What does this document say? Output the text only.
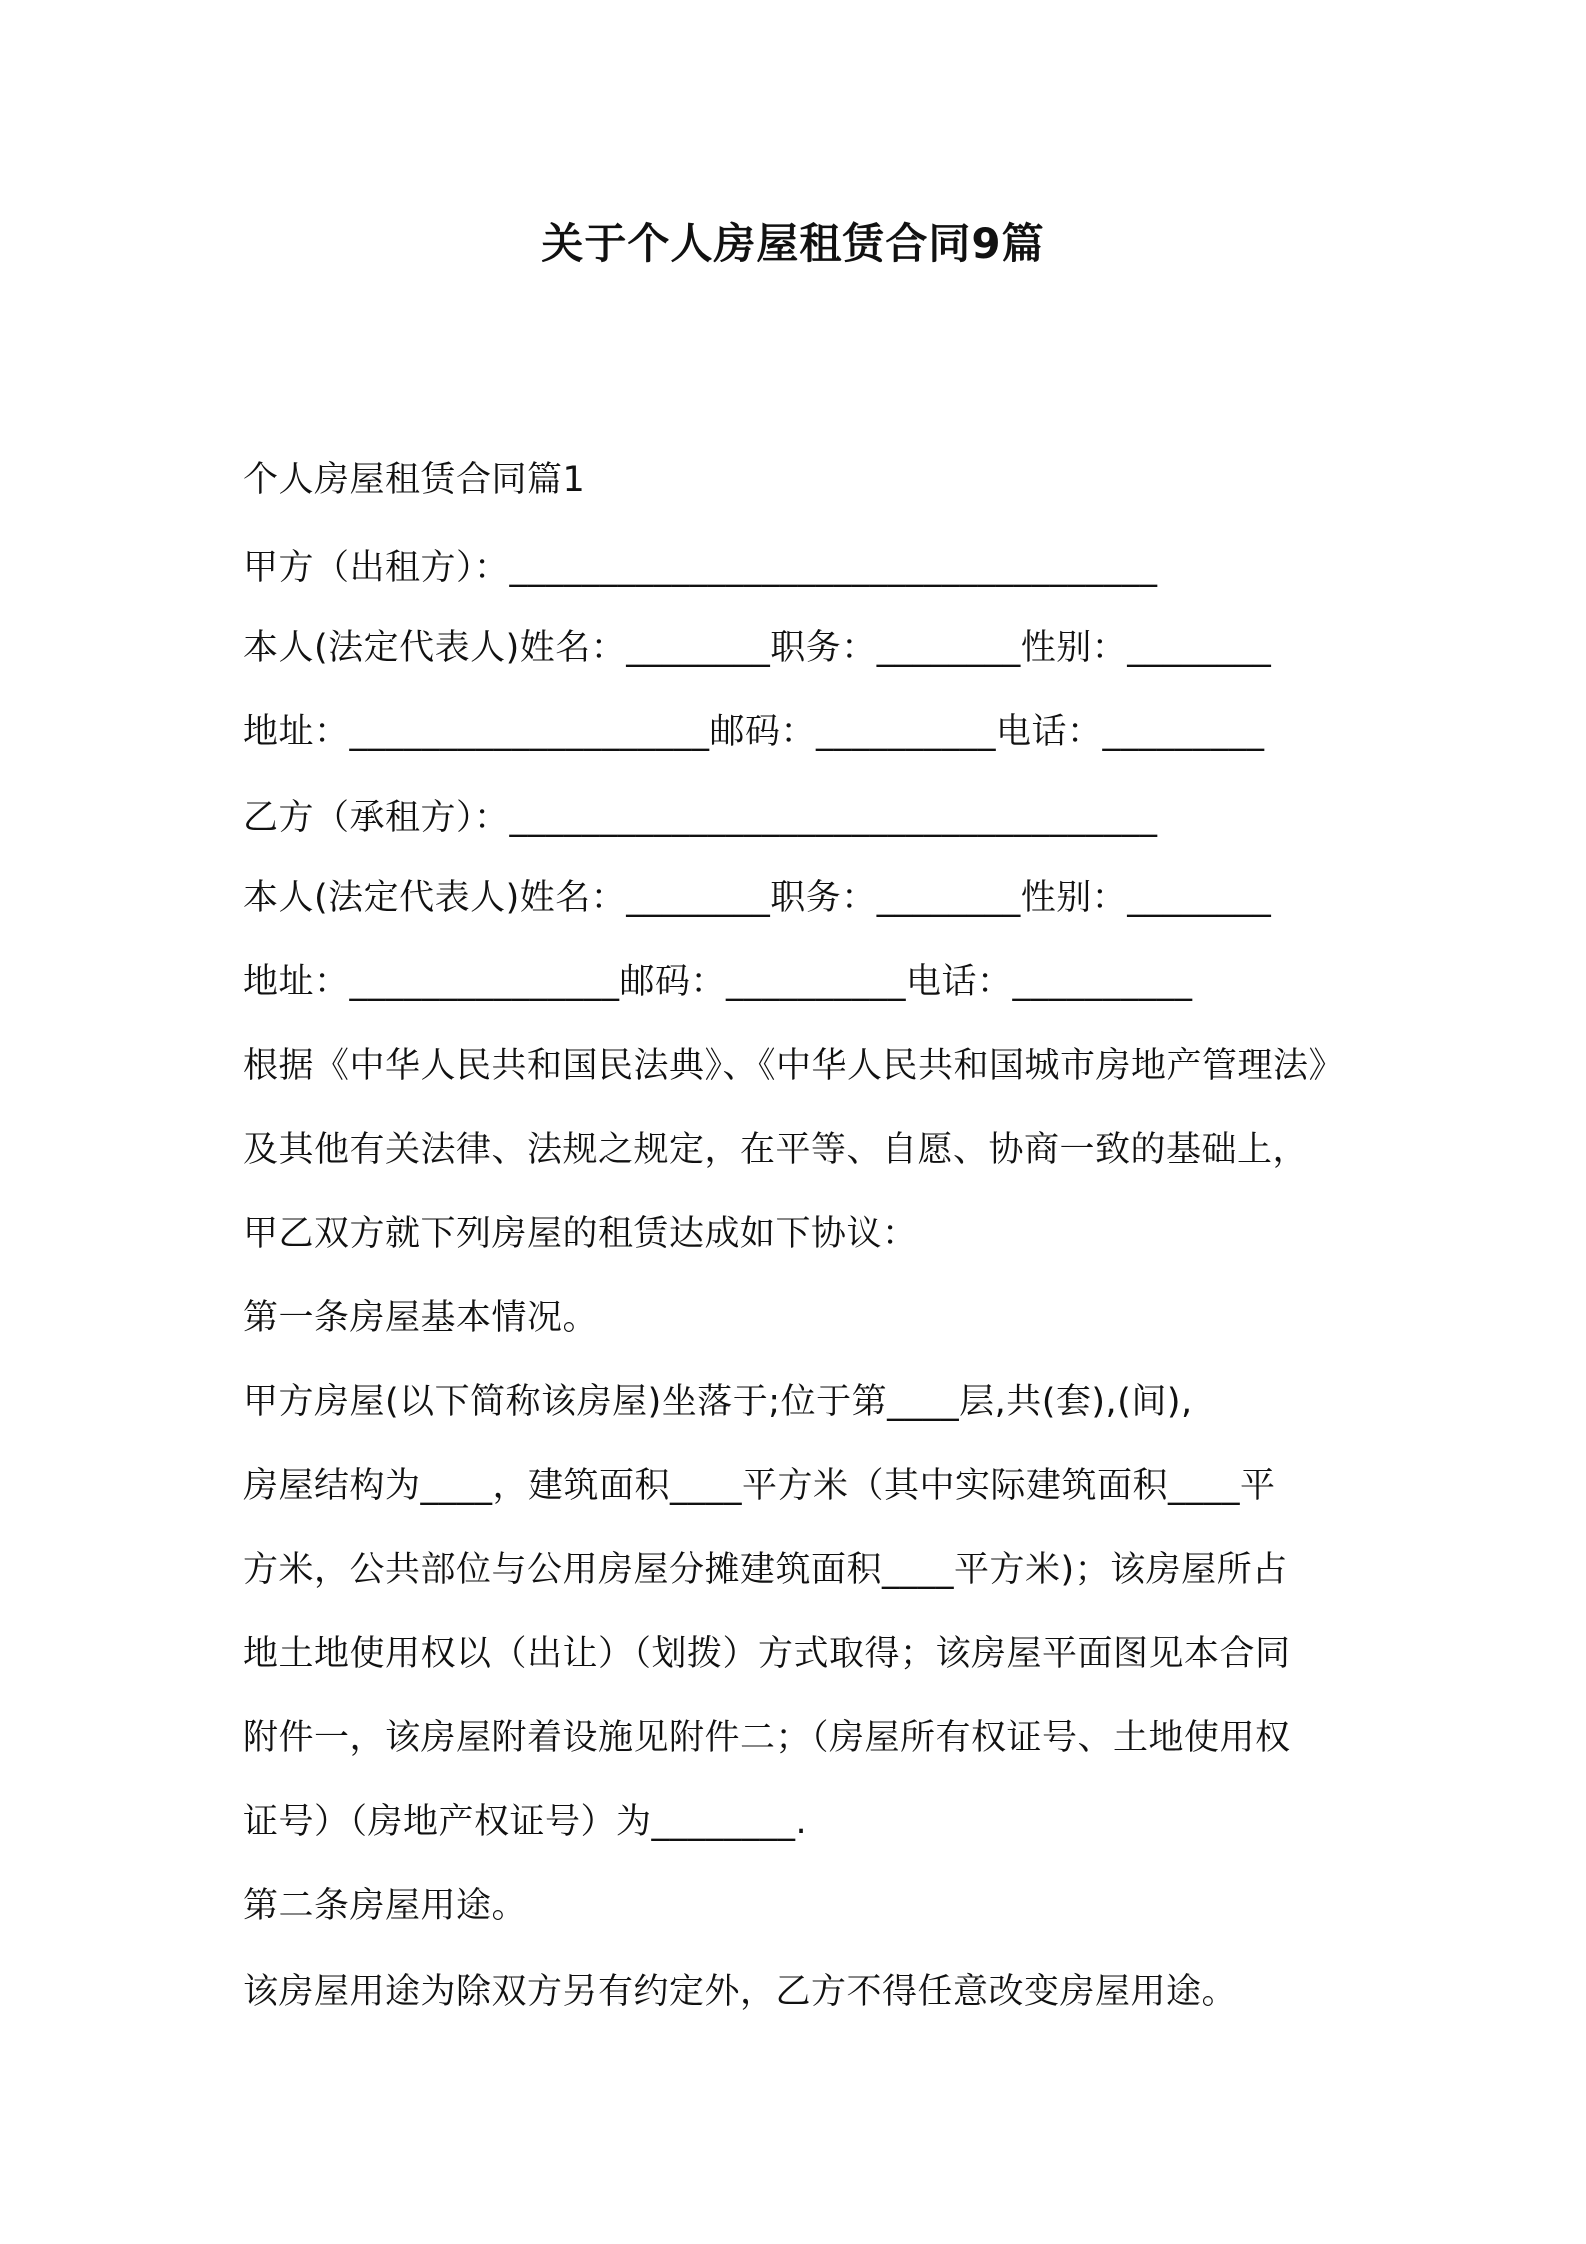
关于个人房屋租赁合同9篇
个人房屋租赁合同篇1
甲方（出租方）：____________________________________
本人(法定代表人)姓名：________职务：________性别：________
地址：____________________邮码：__________电话：_________
乙方（承租方）：____________________________________
本人(法定代表人)姓名：________职务：________性别：________
地址：_______________邮码：__________电话：__________
根据《中华人民共和国民法典》、《中华人民共和国城市房地产管理法》
及其他有关法律、法规之规定，在平等、自愿、协商一致的基础上，
甲乙双方就下列房屋的租赁达成如下协议：
第一条房屋基本情况。
甲方房屋(以下简称该房屋)坐落于;位于第____层,共(套),(间),
房屋结构为____，建筑面积____平方米（其中实际建筑面积____平
方米，公共部位与公用房屋分摊建筑面积____平方米)；该房屋所占
地土地使用权以（出让）（划拨）方式取得；该房屋平面图见本合同
附件一，该房屋附着设施见附件二；（房屋所有权证号、土地使用权
证号）（房地产权证号）为________.
第二条房屋用途。
该房屋用途为除双方另有约定外，乙方不得任意改变房屋用途。
